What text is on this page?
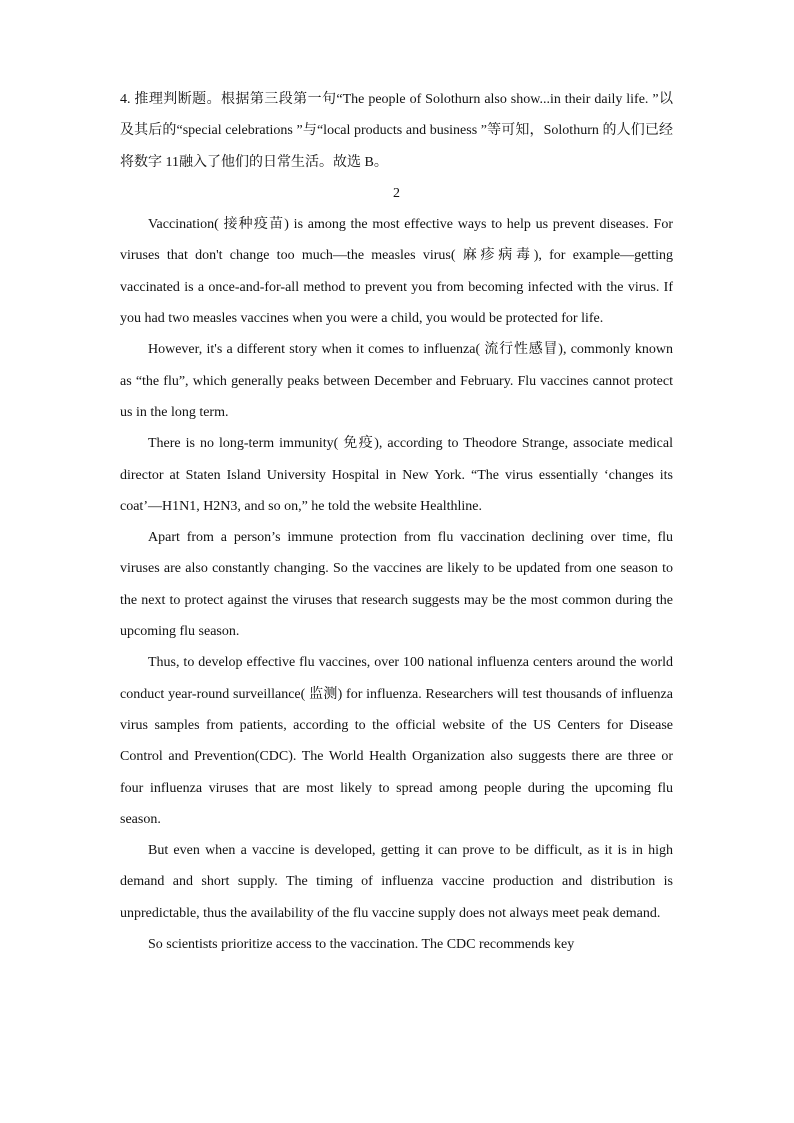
4. 推理判断题。根据第三段第一句“The people of Solothurn also show...in their daily life. ”以及其后的“special celebrations ”与“local products and business ”等可知，Solothurn 的人们已经将数字 11融入了他们的日常生活。故选 B。

2

Vaccination( 接种疫苗) is among the most effective ways to help us prevent diseases. For viruses that don't change too much—the measles virus( 麻疹病毒), for example—getting vaccinated is a once-and-for-all method to prevent you from becoming infected with the virus. If you had two measles vaccines when you were a child, you would be protected for life.

However, it's a different story when it comes to influenza( 流行性感冒), commonly known as “the flu”, which generally peaks between December and February. Flu vaccines cannot protect us in the long term.

There is no long-term immunity( 免疫), according to Theodore Strange, associate medical director at Staten Island University Hospital in New York. “The virus essentially ‘changes its coat’—H1N1, H2N3, and so on,” he told the website Healthline.

Apart from a person’s immune protection from flu vaccination declining over time, flu viruses are also constantly changing. So the vaccines are likely to be updated from one season to the next to protect against the viruses that research suggests may be the most common during the upcoming flu season.

Thus, to develop effective flu vaccines, over 100 national influenza centers around the world conduct year-round surveillance( 监测) for influenza. Researchers will test thousands of influenza virus samples from patients, according to the official website of the US Centers for Disease Control and Prevention(CDC). The World Health Organization also suggests there are three or four influenza viruses that are most likely to spread among people during the upcoming flu season.

But even when a vaccine is developed, getting it can prove to be difficult, as it is in high demand and short supply. The timing of influenza vaccine production and distribution is unpredictable, thus the availability of the flu vaccine supply does not always meet peak demand.

So scientists prioritize access to the vaccination. The CDC recommends key
